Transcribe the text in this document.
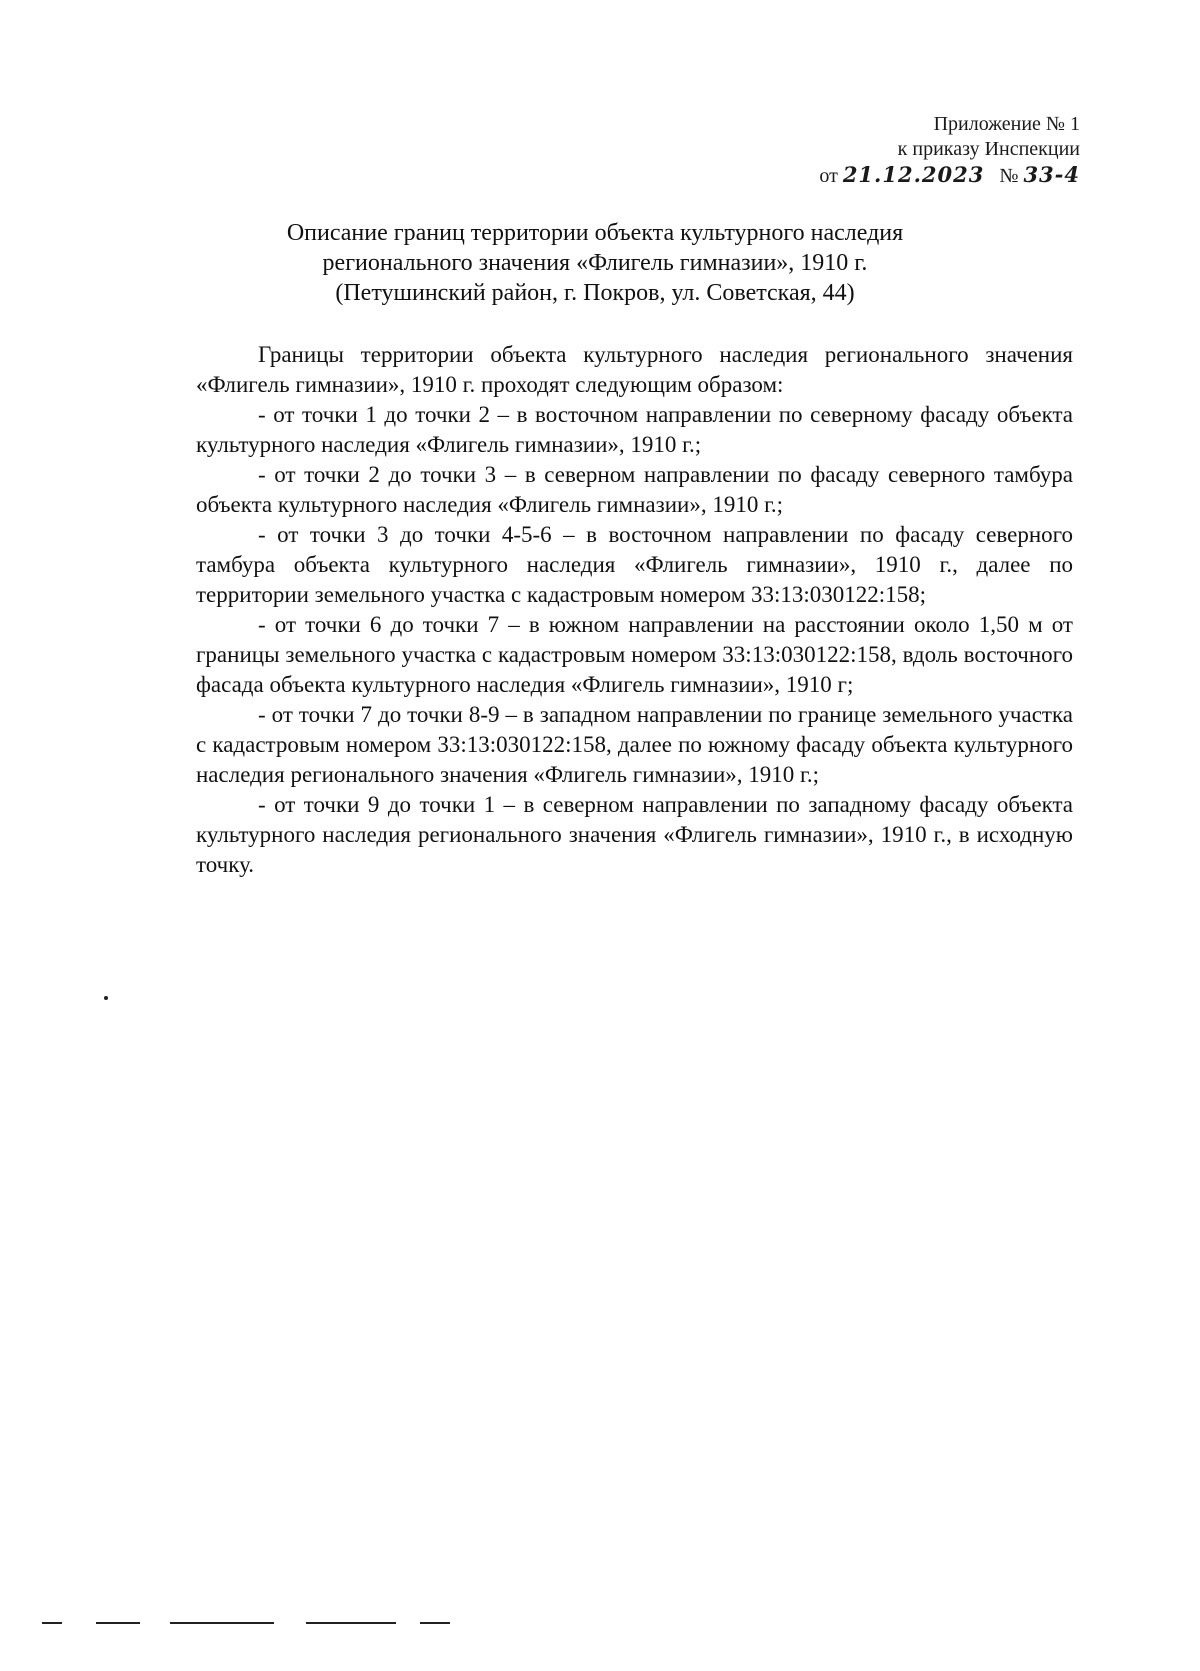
Приложение № 1
к приказу Инспекции
от 21.12.2023 № 33-4
Описание границ территории объекта культурного наследия
регионального значения «Флигель гимназии», 1910 г.
(Петушинский район, г. Покров, ул. Советская, 44)

Границы территории объекта культурного наследия регионального значения «Флигель гимназии», 1910 г. проходят следующим образом:

- от точки 1 до точки 2 – в восточном направлении по северному фасаду объекта культурного наследия «Флигель гимназии», 1910 г.;

- от точки 2 до точки 3 – в северном направлении по фасаду северного тамбура объекта культурного наследия «Флигель гимназии», 1910 г.;

- от точки 3 до точки 4-5-6 – в восточном направлении по фасаду северного тамбура объекта культурного наследия «Флигель гимназии», 1910 г., далее по территории земельного участка с кадастровым номером 33:13:030122:158;

- от точки 6 до точки 7 – в южном направлении на расстоянии около 1,50 м от границы земельного участка с кадастровым номером 33:13:030122:158, вдоль восточного фасада объекта культурного наследия «Флигель гимназии», 1910 г;

- от точки 7 до точки 8-9 – в западном направлении по границе земельного участка с кадастровым номером 33:13:030122:158, далее по южному фасаду объекта культурного наследия регионального значения «Флигель гимназии», 1910 г.;

- от точки 9 до точки 1 – в северном направлении по западному фасаду объекта культурного наследия регионального значения «Флигель гимназии», 1910 г., в исходную точку.
